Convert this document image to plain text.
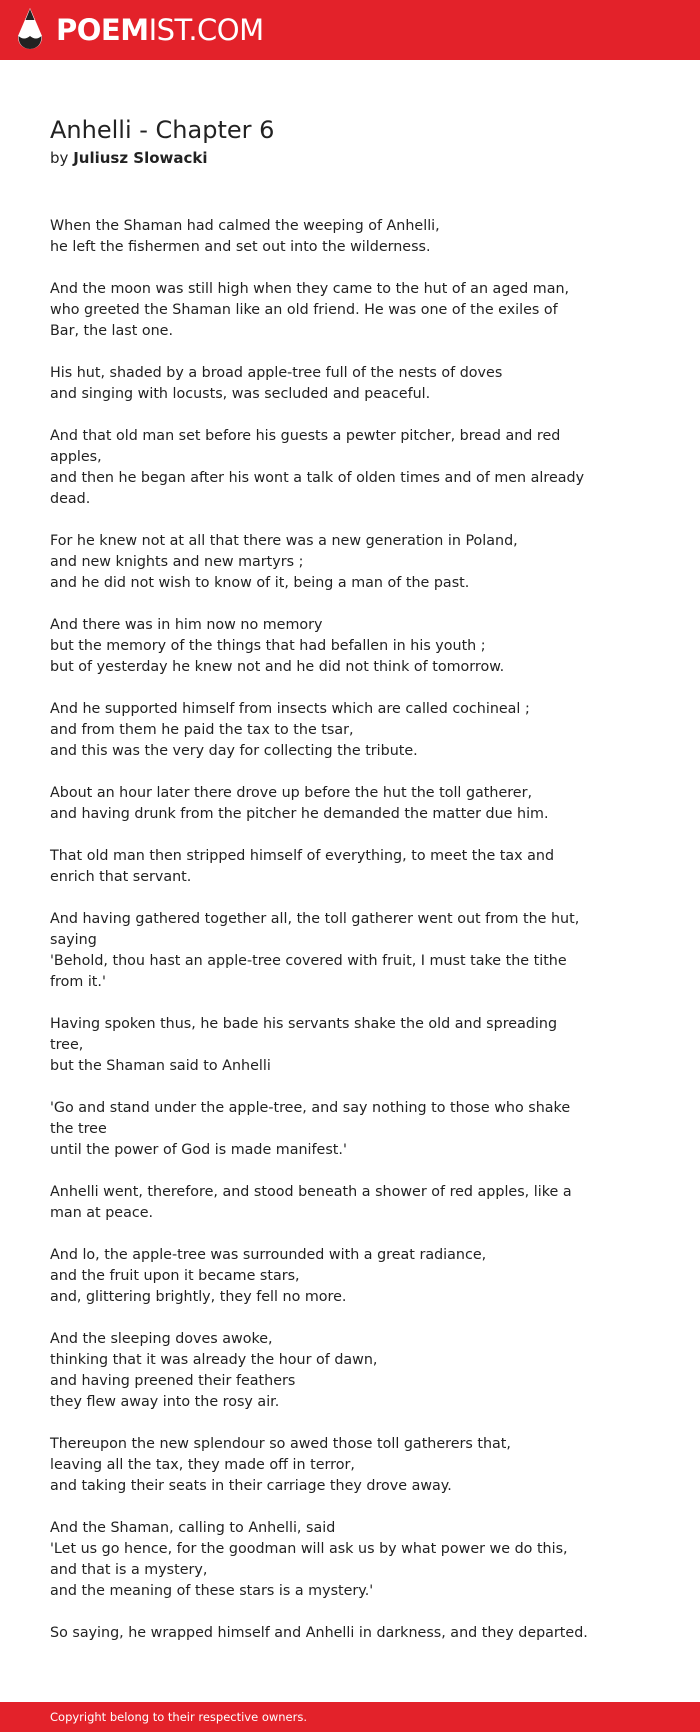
POEMIST.COM
Anhelli - Chapter 6
by Juliusz Slowacki

When the Shaman had calmed the weeping of Anhelli,
he left the fishermen and set out into the wilderness.

And the moon was still high when they came to the hut of an aged man,
who greeted the Shaman like an old friend. He was one of the exiles of Bar, the last one.

His hut, shaded by a broad apple-tree full of the nests of doves
and singing with locusts, was secluded and peaceful.

And that old man set before his guests a pewter pitcher, bread and red apples,
and then he began after his wont a talk of olden times and of men already dead.

For he knew not at all that there was a new generation in Poland,
and new knights and new martyrs ;
and he did not wish to know of it, being a man of the past.

And there was in him now no memory
but the memory of the things that had befallen in his youth ;
but of yesterday he knew not and he did not think of tomorrow.

And he supported himself from insects which are called cochineal ;
and from them he paid the tax to the tsar,
and this was the very day for collecting the tribute.

About an hour later there drove up before the hut the toll gatherer,
and having drunk from the pitcher he demanded the matter due him.

That old man then stripped himself of everything, to meet the tax and enrich that servant.

And having gathered together all, the toll gatherer went out from the hut, saying
'Behold, thou hast an apple-tree covered with fruit, I must take the tithe from it.'

Having spoken thus, he bade his servants shake the old and spreading tree,
but the Shaman said to Anhelli

'Go and stand under the apple-tree, and say nothing to those who shake the tree
until the power of God is made manifest.'

Anhelli went, therefore, and stood beneath a shower of red apples, like a man at peace.

And lo, the apple-tree was surrounded with a great radiance,
and the fruit upon it became stars,
and, glittering brightly, they fell no more.

And the sleeping doves awoke,
thinking that it was already the hour of dawn,
and having preened their feathers
they flew away into the rosy air.

Thereupon the new splendour so awed those toll gatherers that,
leaving all the tax, they made off in terror,
and taking their seats in their carriage they drove away.

And the Shaman, calling to Anhelli, said
'Let us go hence, for the goodman will ask us by what power we do this,
and that is a mystery,
and the meaning of these stars is a mystery.'

So saying, he wrapped himself and Anhelli in darkness, and they departed.

Copyright belong to their respective owners.
